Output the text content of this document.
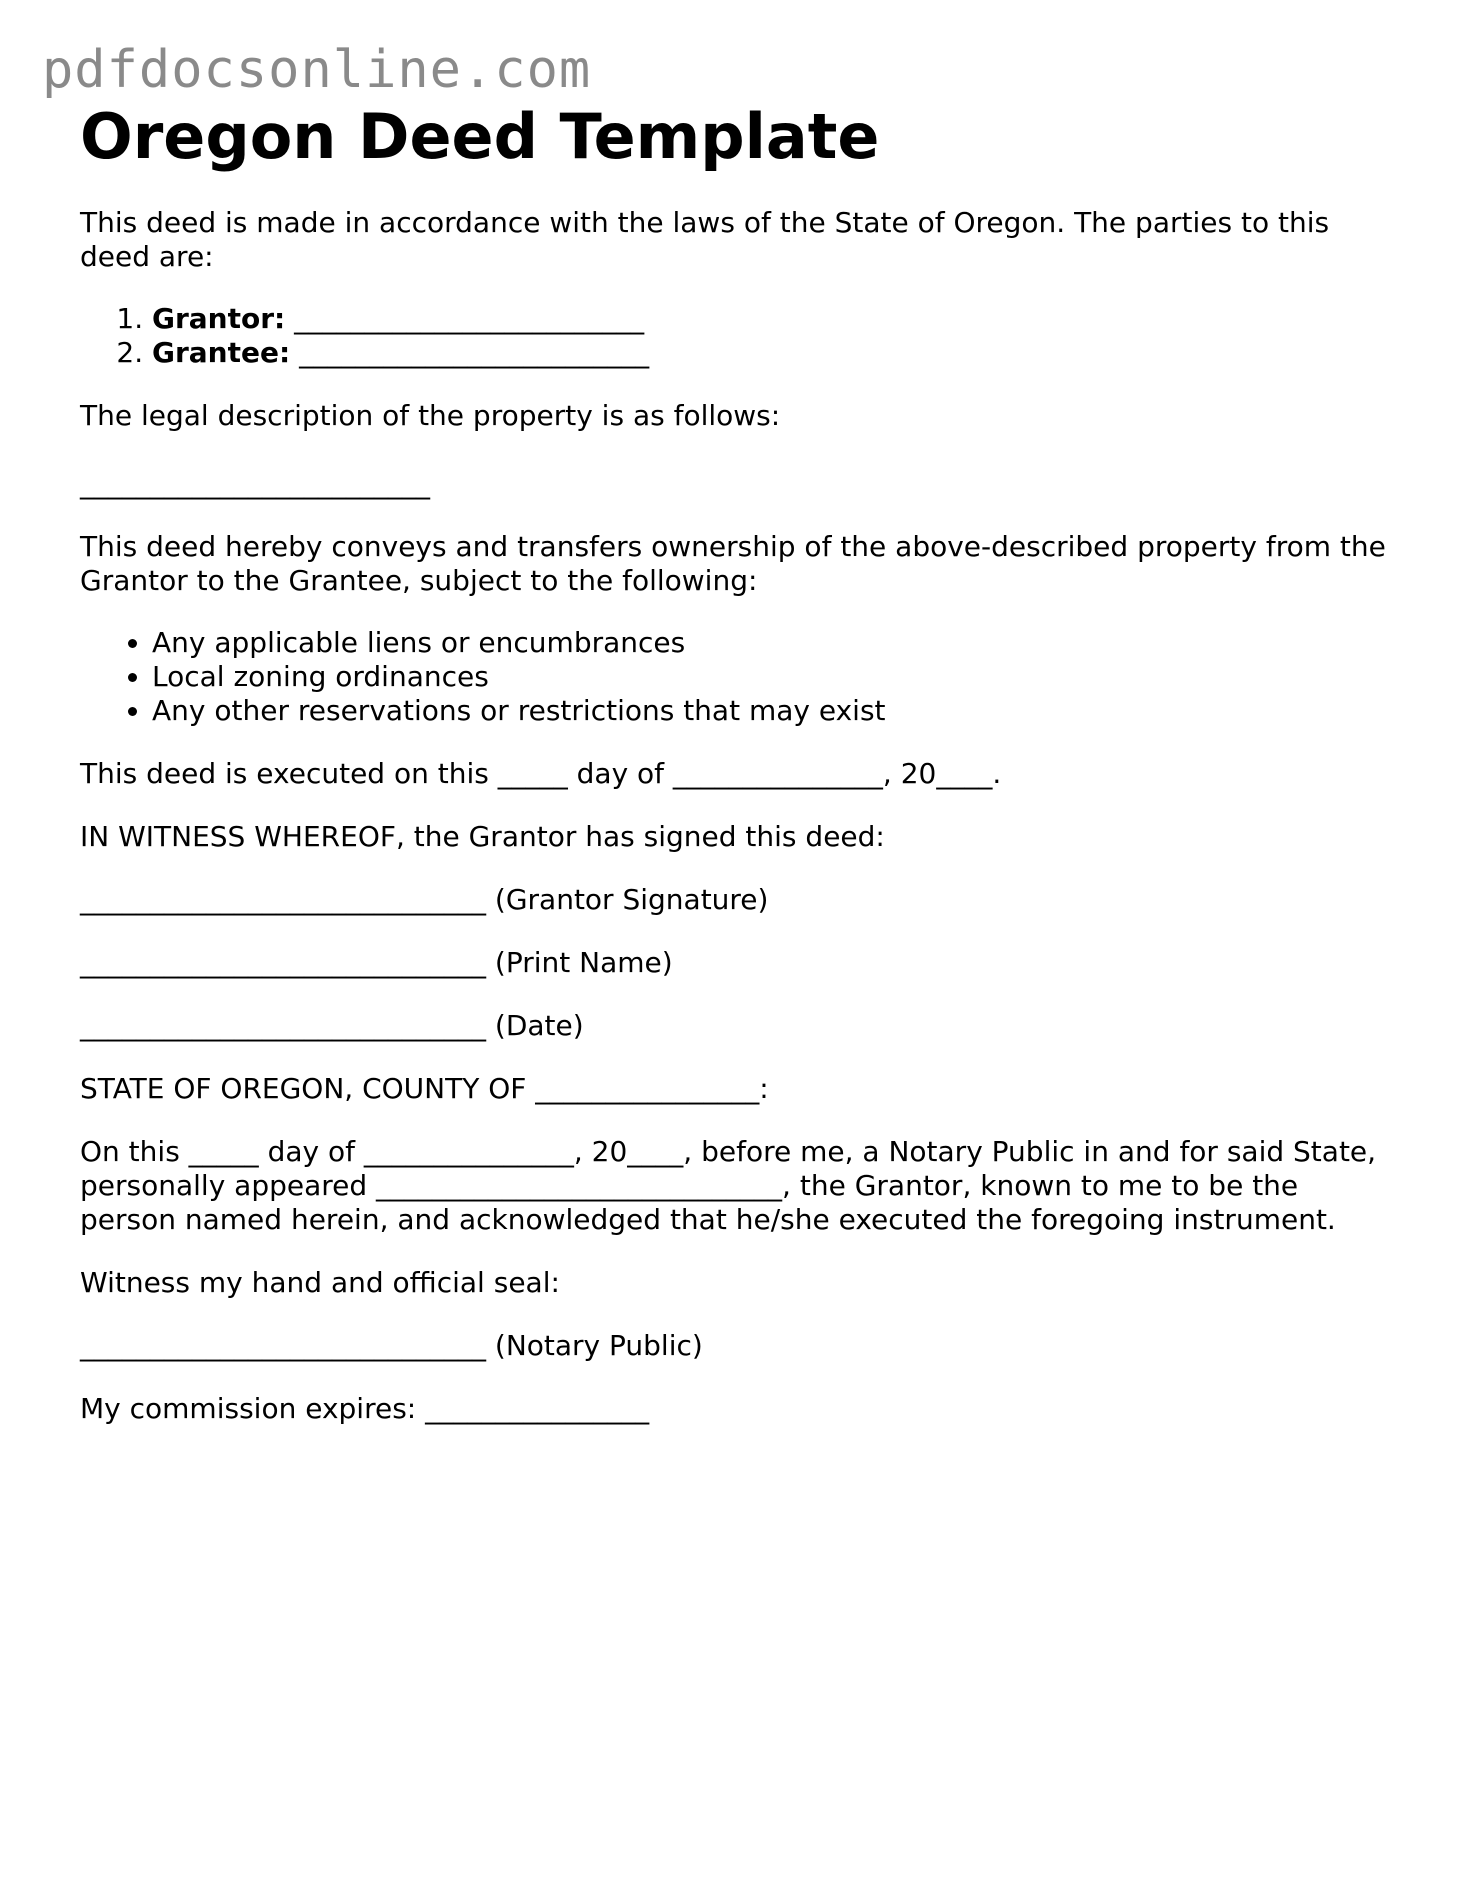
pdfdocsonline.com
Oregon Deed Template

This deed is made in accordance with the laws of the State of Oregon. The parties to this deed are:

1. Grantor: _________________________
2. Grantee: _________________________

The legal description of the property is as follows:

_________________________

This deed hereby conveys and transfers ownership of the above-described property from the Grantor to the Grantee, subject to the following:

• Any applicable liens or encumbrances
• Local zoning ordinances
• Any other reservations or restrictions that may exist

This deed is executed on this _____ day of _______________, 20____.

IN WITNESS WHEREOF, the Grantor has signed this deed:

_____________________________ (Grantor Signature)

_____________________________ (Print Name)

_____________________________ (Date)

STATE OF OREGON, COUNTY OF ________________:

On this _____ day of _______________, 20____, before me, a Notary Public in and for said State, personally appeared _____________________________, the Grantor, known to me to be the person named herein, and acknowledged that he/she executed the foregoing instrument.

Witness my hand and official seal:

_____________________________ (Notary Public)

My commission expires: ________________
